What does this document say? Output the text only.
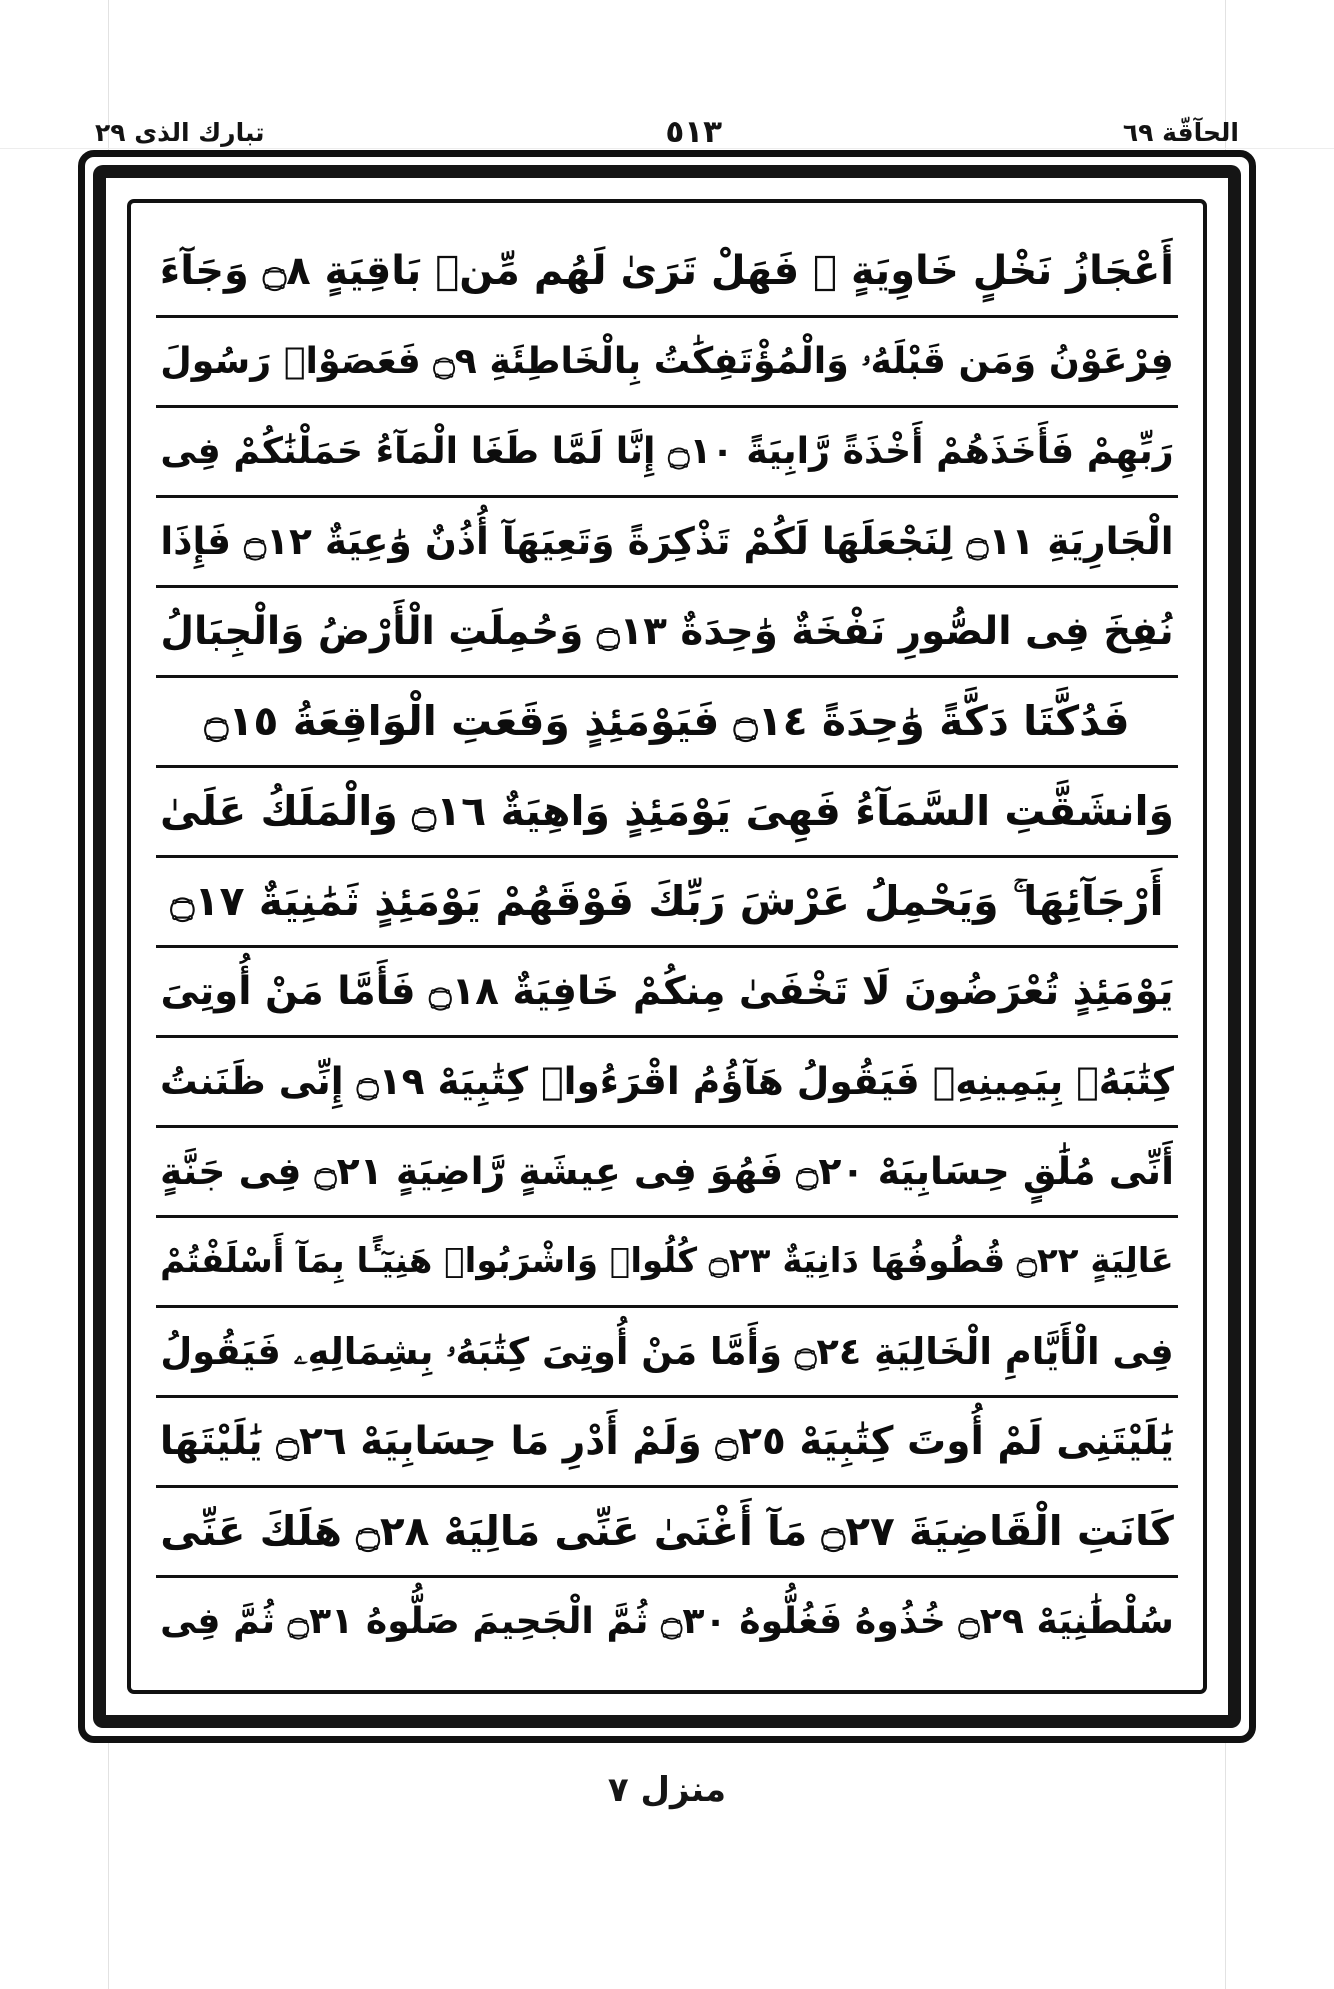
الحآقّة ٦٩
٥١٣
تبارك الذى ٢٩
أَعْجَازُ نَخْلٍ خَاوِيَةٍ ۞ فَهَلْ تَرَىٰ لَهُم مِّنۢ بَاقِيَةٍ ۝٨ وَجَآءَ
فِرْعَوْنُ وَمَن قَبْلَهُۥ وَالْمُؤْتَفِكَٰتُ بِالْخَاطِئَةِ ۝٩ فَعَصَوْا۟ رَسُولَ
رَبِّهِمْ فَأَخَذَهُمْ أَخْذَةً رَّابِيَةً ۝١٠ إِنَّا لَمَّا طَغَا الْمَآءُ حَمَلْنَٰكُمْ فِى
الْجَارِيَةِ ۝١١ لِنَجْعَلَهَا لَكُمْ تَذْكِرَةً وَتَعِيَهَآ أُذُنٌ وَٰعِيَةٌ ۝١٢ فَإِذَا
نُفِخَ فِى الصُّورِ نَفْخَةٌ وَٰحِدَةٌ ۝١٣ وَحُمِلَتِ الْأَرْضُ وَالْجِبَالُ
فَدُكَّتَا دَكَّةً وَٰحِدَةً ۝١٤ فَيَوْمَئِذٍ وَقَعَتِ الْوَاقِعَةُ ۝١٥
وَانشَقَّتِ السَّمَآءُ فَهِىَ يَوْمَئِذٍ وَاهِيَةٌ ۝١٦ وَالْمَلَكُ عَلَىٰ
أَرْجَآئِهَا ۚ وَيَحْمِلُ عَرْشَ رَبِّكَ فَوْقَهُمْ يَوْمَئِذٍ ثَمَٰنِيَةٌ ۝١٧
يَوْمَئِذٍ تُعْرَضُونَ لَا تَخْفَىٰ مِنكُمْ خَافِيَةٌ ۝١٨ فَأَمَّا مَنْ أُوتِىَ
كِتَٰبَهُۥ بِيَمِينِهِۦ فَيَقُولُ هَآؤُمُ اقْرَءُوا۟ كِتَٰبِيَهْ ۝١٩ إِنِّى ظَنَنتُ
أَنِّى مُلَٰقٍ حِسَابِيَهْ ۝٢٠ فَهُوَ فِى عِيشَةٍ رَّاضِيَةٍ ۝٢١ فِى جَنَّةٍ
عَالِيَةٍ ۝٢٢ قُطُوفُهَا دَانِيَةٌ ۝٢٣ كُلُوا۟ وَاشْرَبُوا۟ هَنِيٓـًٔا بِمَآ أَسْلَفْتُمْ
فِى الْأَيَّامِ الْخَالِيَةِ ۝٢٤ وَأَمَّا مَنْ أُوتِىَ كِتَٰبَهُۥ بِشِمَالِهِۦ فَيَقُولُ
يَٰلَيْتَنِى لَمْ أُوتَ كِتَٰبِيَهْ ۝٢٥ وَلَمْ أَدْرِ مَا حِسَابِيَهْ ۝٢٦ يَٰلَيْتَهَا
كَانَتِ الْقَاضِيَةَ ۝٢٧ مَآ أَغْنَىٰ عَنِّى مَالِيَهْ ۝٢٨ هَلَكَ عَنِّى
سُلْطَٰنِيَهْ ۝٢٩ خُذُوهُ فَغُلُّوهُ ۝٣٠ ثُمَّ الْجَحِيمَ صَلُّوهُ ۝٣١ ثُمَّ فِى
منزل ٧
